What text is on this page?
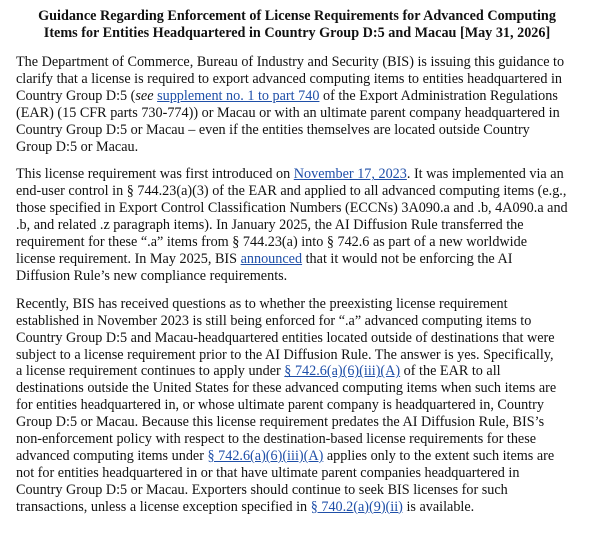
Guidance Regarding Enforcement of License Requirements for Advanced Computing
Items for Entities Headquartered in Country Group D:5 and Macau [May 31, 2026]

The Department of Commerce, Bureau of Industry and Security (BIS) is issuing this guidance to
clarify that a license is required to export advanced computing items to entities headquartered in
Country Group D:5 (see supplement no. 1 to part 740 of the Export Administration Regulations
(EAR) (15 CFR parts 730-774)) or Macau or with an ultimate parent company headquartered in
Country Group D:5 or Macau – even if the entities themselves are located outside Country
Group D:5 or Macau.

This license requirement was first introduced on November 17, 2023. It was implemented via an
end-user control in § 744.23(a)(3) of the EAR and applied to all advanced computing items (e.g.,
those specified in Export Control Classification Numbers (ECCNs) 3A090.a and .b, 4A090.a and
.b, and related .z paragraph items). In January 2025, the AI Diffusion Rule transferred the
requirement for these “.a” items from § 744.23(a) into § 742.6 as part of a new worldwide
license requirement. In May 2025, BIS announced that it would not be enforcing the AI
Diffusion Rule’s new compliance requirements.

Recently, BIS has received questions as to whether the preexisting license requirement
established in November 2023 is still being enforced for “.a” advanced computing items to
Country Group D:5 and Macau-headquartered entities located outside of destinations that were
subject to a license requirement prior to the AI Diffusion Rule. The answer is yes. Specifically,
a license requirement continues to apply under § 742.6(a)(6)(iii)(A) of the EAR to all
destinations outside the United States for these advanced computing items when such items are
for entities headquartered in, or whose ultimate parent company is headquartered in, Country
Group D:5 or Macau. Because this license requirement predates the AI Diffusion Rule, BIS’s
non-enforcement policy with respect to the destination-based license requirements for these
advanced computing items under § 742.6(a)(6)(iii)(A) applies only to the extent such items are
not for entities headquartered in or that have ultimate parent companies headquartered in
Country Group D:5 or Macau. Exporters should continue to seek BIS licenses for such
transactions, unless a license exception specified in § 740.2(a)(9)(ii) is available.
